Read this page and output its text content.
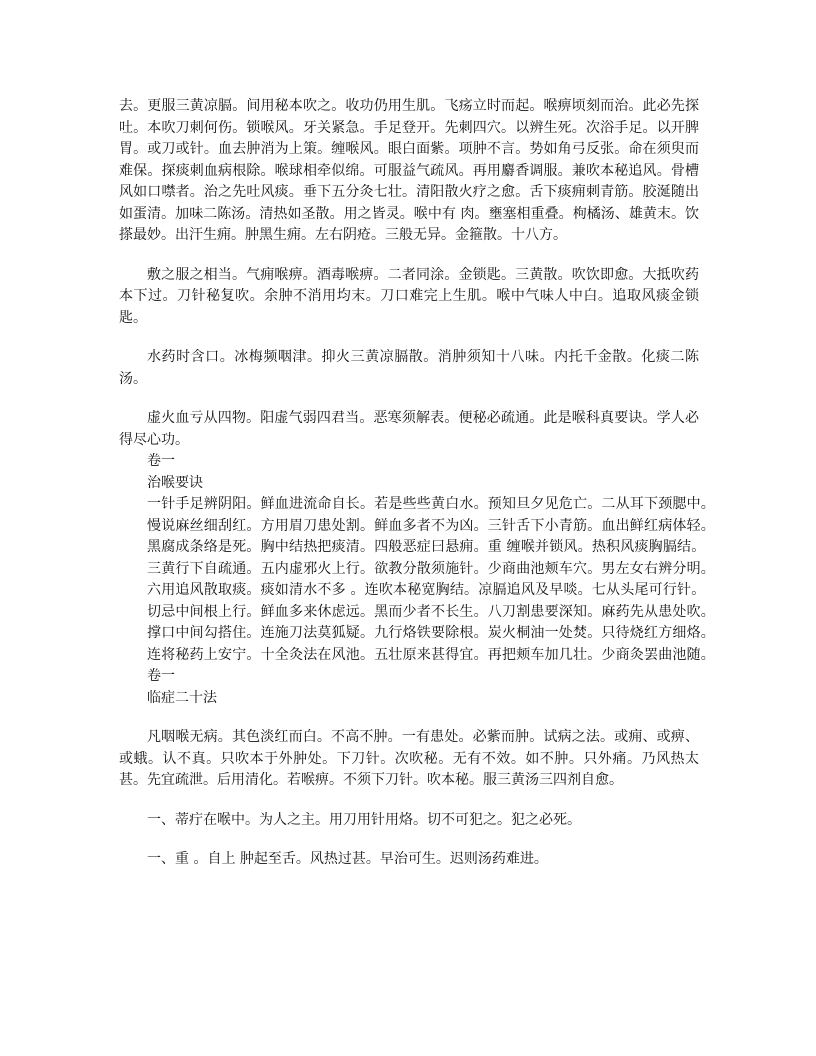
去。更服三黄凉膈。间用秘本吹之。收功仍用生肌。飞疡立时而起。喉痹顷刻而治。此必先探吐。本吹刀刺何伤。锁喉风。牙关紧急。手足登开。先刺四穴。以辨生死。次浴手足。以开脾胃。或刀或针。血去肿消为上策。缠喉风。眼白面紫。项肿不言。势如角弓反张。命在须臾而难保。探痰刺血病根除。喉球相牵似绵。可服益气疏风。再用麝香调服。兼吹本秘追风。骨槽风如口噤者。治之先吐风痰。垂下五分灸七壮。清阳散火疗之愈。舌下痰痈刺青筋。胶涎随出如蛋清。加味二陈汤。清热如圣散。用之皆灵。喉中有 肉。壅塞相重叠。枸橘汤、雄黄末。饮搽最妙。出汗生痈。肿黑生痈。左右阴疮。三般无异。金箍散。十八方。

敷之服之相当。气痈喉痹。酒毒喉痹。二者同涂。金锁匙。三黄散。吹饮即愈。大抵吹药本下过。刀针秘复吹。余肿不消用均末。刀口难完上生肌。喉中气味人中白。追取风痰金锁匙。

水药时含口。冰梅频咽津。抑火三黄凉膈散。消肿须知十八味。内托千金散。化痰二陈汤。

虚火血亏从四物。阳虚气弱四君当。恶寒须解表。便秘必疏通。此是喉科真要诀。学人必得尽心功。

卷一

治喉要诀

一针手足辨阴阳。鲜血进流命自长。若是些些黄白水。预知旦夕见危亡。二从耳下颈腮中。

慢说麻丝细刮红。方用眉刀患处割。鲜血多者不为凶。三针舌下小青筋。血出鲜红病体轻。

黑腐成条络是死。胸中结热把痰清。四般恶症曰悬痈。重 缠喉并锁风。热积风痰胸膈结。

三黄行下自疏通。五内虚邪火上行。欲教分散须施针。少商曲池颊车穴。男左女右辨分明。

六用追风散取痰。痰如清水不多 。连吹本秘宽胸结。凉膈追风及早啖。七从头尾可行针。

切忌中间根上行。鲜血多来休虑远。黑而少者不长生。八刀割患要深知。麻药先从患处吹。

撑口中间勾搭住。连施刀法莫狐疑。九行烙铁要除根。炭火桐油一处焚。只待烧红方细烙。

连将秘药上安宁。十全灸法在风池。五壮原来甚得宜。再把颊车加几壮。少商灸罢曲池随。

卷一

临症二十法

凡咽喉无病。其色淡红而白。不高不肿。一有患处。必紫而肿。试病之法。或痈、或痹、或蛾。认不真。只吹本于外肿处。下刀针。次吹秘。无有不效。如不肿。只外痛。乃风热太甚。先宜疏泄。后用清化。若喉痹。不须下刀针。吹本秘。服三黄汤三四剂自愈。

一、蒂疔在喉中。为人之主。用刀用针用烙。切不可犯之。犯之必死。

一、重 。自上 肿起至舌。风热过甚。早治可生。迟则汤药难进。
